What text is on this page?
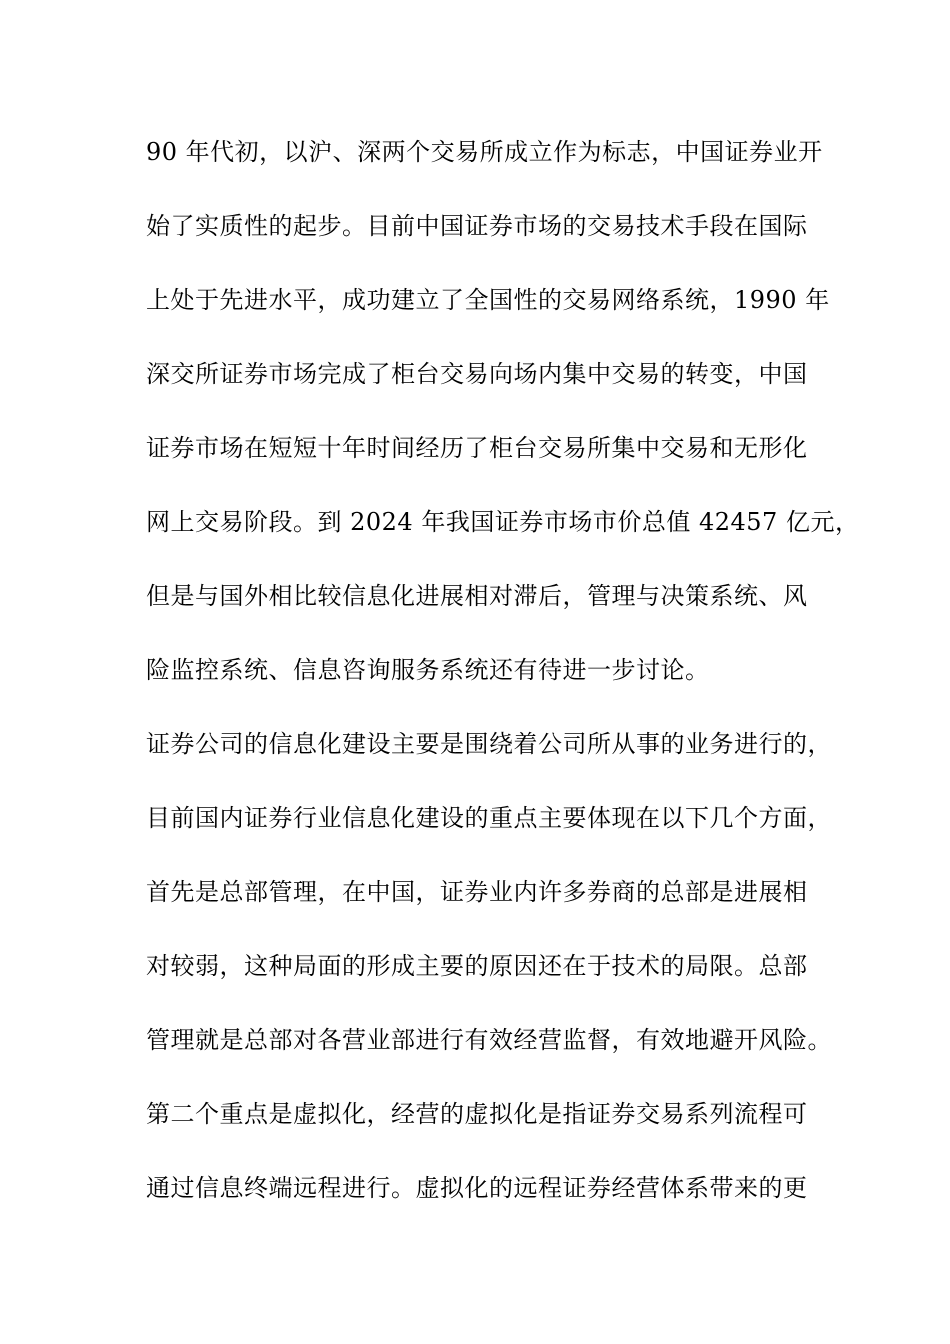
90 年代初，以沪、深两个交易所成立作为标志，中国证券业开
始了实质性的起步。目前中国证券市场的交易技术手段在国际
上处于先进水平，成功建立了全国性的交易网络系统，1990 年
深交所证券市场完成了柜台交易向场内集中交易的转变，中国
证券市场在短短十年时间经历了柜台交易所集中交易和无形化
网上交易阶段。到 2024 年我国证券市场市价总值 42457 亿元，
但是与国外相比较信息化进展相对滞后，管理与决策系统、风
险监控系统、信息咨询服务系统还有待进一步讨论。
证券公司的信息化建设主要是围绕着公司所从事的业务进行的，
目前国内证券行业信息化建设的重点主要体现在以下几个方面，
首先是总部管理，在中国，证券业内许多券商的总部是进展相
对较弱，这种局面的形成主要的原因还在于技术的局限。总部
管理就是总部对各营业部进行有效经营监督，有效地避开风险。
第二个重点是虚拟化，经营的虚拟化是指证券交易系列流程可
通过信息终端远程进行。虚拟化的远程证券经营体系带来的更
